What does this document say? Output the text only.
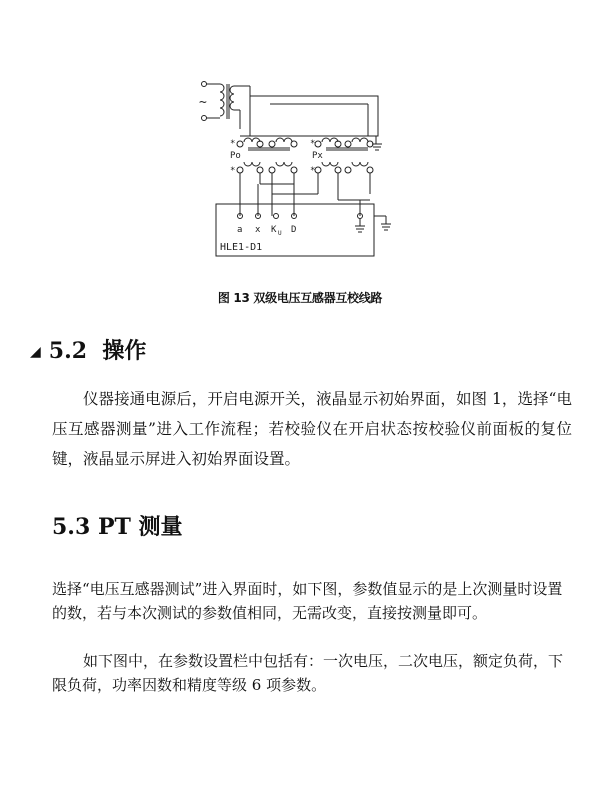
~
*	*
Po	Px
*	*
a x K U D
HLE1-D1
图 13 双级电压互感器互校线路
◢ 5.2 操作
仪器接通电源后，开启电源开关，液晶显示初始界面，如图 1，选择“电压互感器测量”进入工作流程；若校验仪在开启状态按校验仪前面板的复位键，液晶显示屏进入初始界面设置。
5.3 PT 测量
选择“电压互感器测试”进入界面时，如下图，参数值显示的是上次测量时设置的数，若与本次测试的参数值相同，无需改变，直接按测量即可。
如下图中，在参数设置栏中包括有：一次电压，二次电压，额定负荷，下限负荷，功率因数和精度等级 6 项参数。
